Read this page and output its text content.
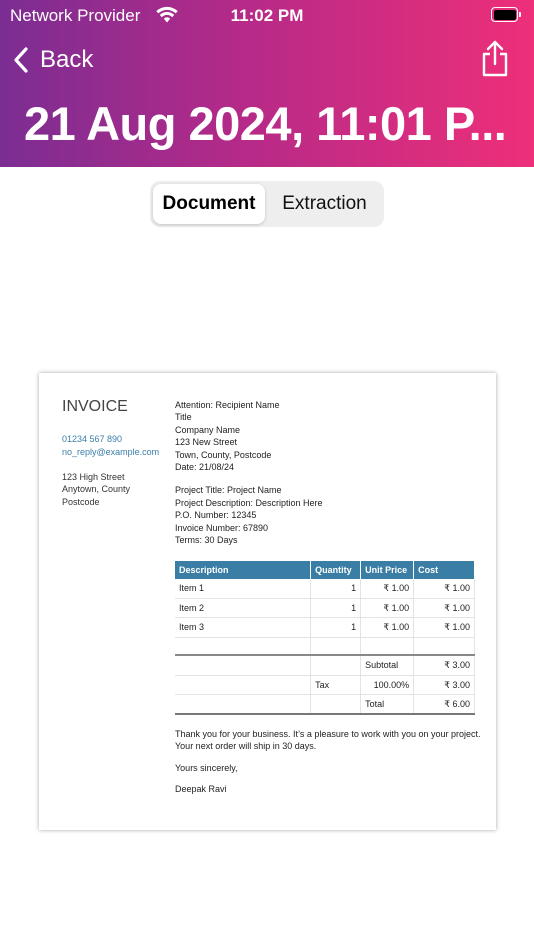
Network Provider	11:02 PM
Back
21 Aug 2024, 11:01 P...
Document	Extraction
INVOICE
01234 567 890
no_reply@example.com
123 High Street
Anytown, County
Postcode
Attention: Recipient Name
Title
Company Name
123 New Street
Town, County, Postcode
Date: 21/08/24
Project Title: Project Name
Project Description: Description Here
P.O. Number: 12345
Invoice Number: 67890
Terms: 30 Days
Description	Quantity	Unit Price	Cost
Item 1	1	₹ 1.00	₹ 1.00
Item 2	1	₹ 1.00	₹ 1.00
Item 3	1	₹ 1.00	₹ 1.00

		Subtotal	₹ 3.00
	Tax	100.00%	₹ 3.00
		Total	₹ 6.00

Thank you for your business. It’s a pleasure to work with you on your project.
Your next order will ship in 30 days.

Yours sincerely,

Deepak Ravi
